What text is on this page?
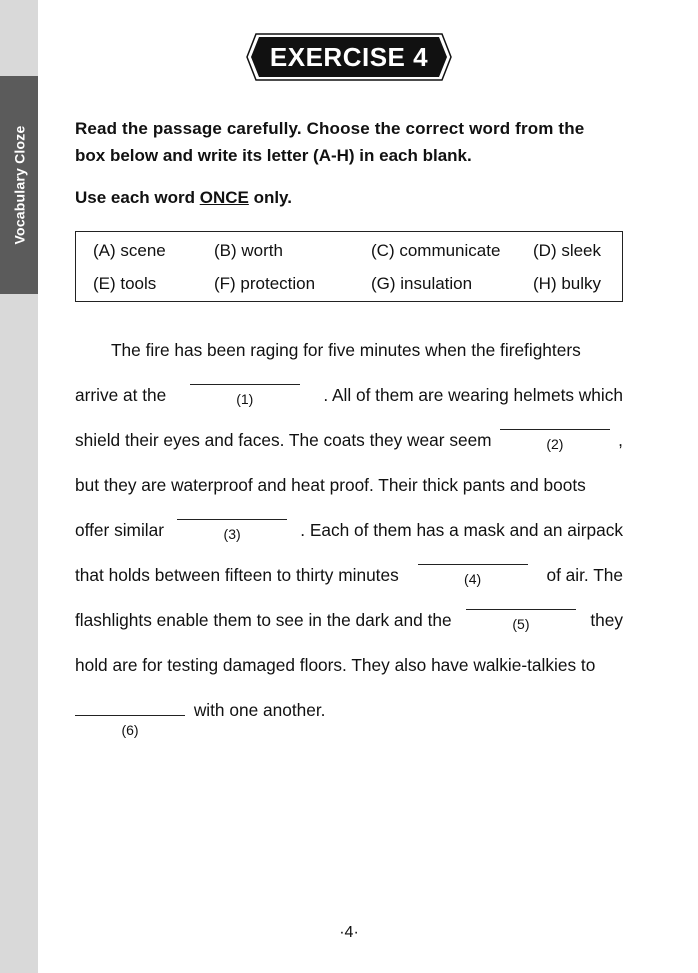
Vocabulary Cloze
EXERCISE 4
Read the passage carefully. Choose the correct word from the
box below and write its letter (A-H) in each blank.
Use each word ONCE only.
(A) scene	(B) worth	(C) communicate (D) sleek
(E) tools	(F) protection	(G) insulation	(H) bulky
The fire has been raging for five minutes when the firefighters
arrive at the	(1)	. All of them are wearing helmets which
shield their eyes and faces. The coats they wear seem	(2)	,
but they are waterproof and heat proof. Their thick pants and boots
offer similar	(3)	. Each of them has a mask and an airpack
that holds between fifteen to thirty minutes	(4)	of air. The
flashlights enable them to see in the dark and the	(5)	they
hold are for testing damaged floors. They also have walkie-talkies to
(6)
with one another.
·4·
